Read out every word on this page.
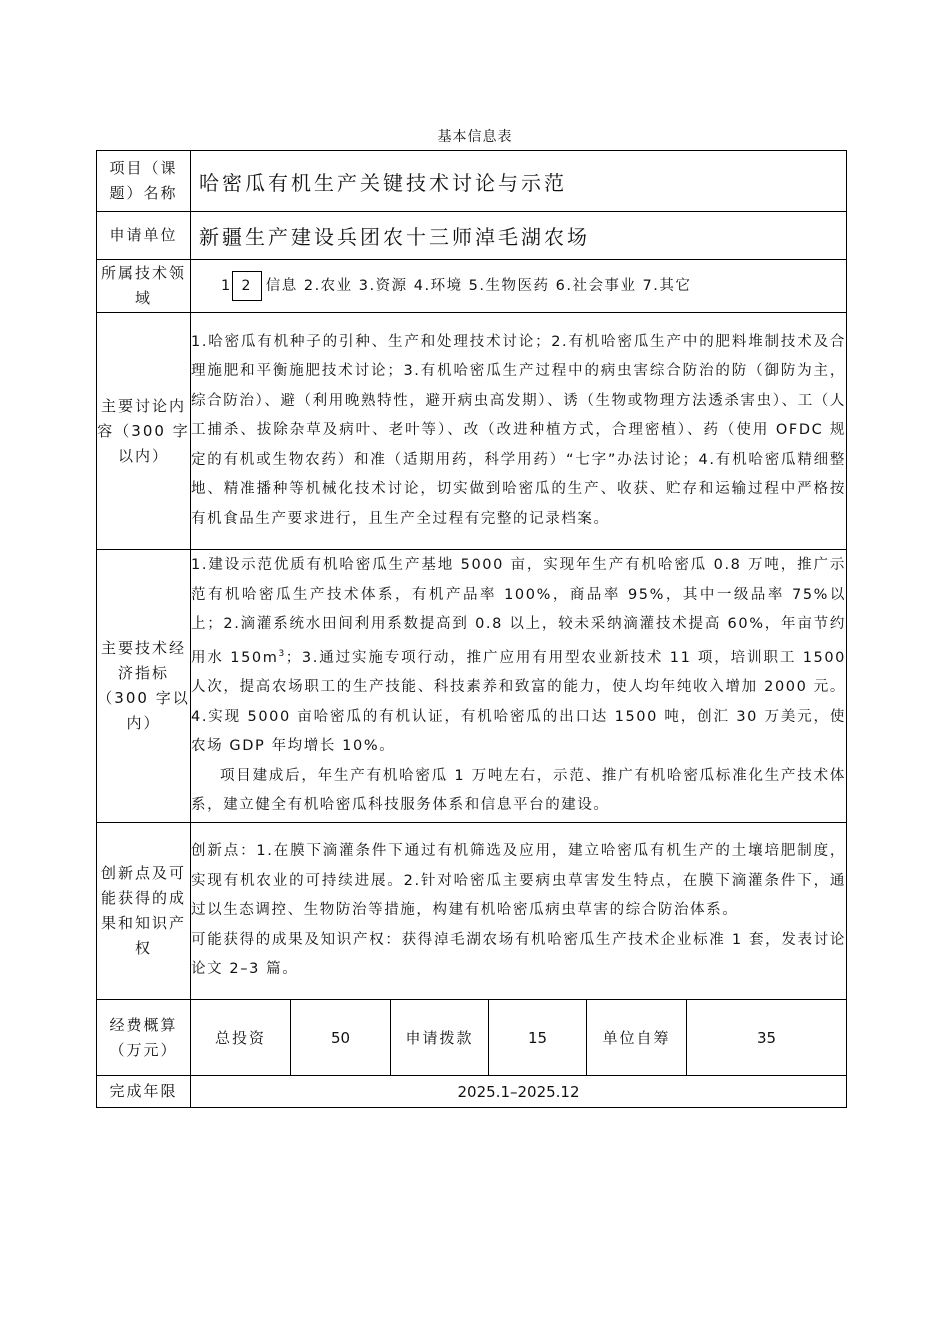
基本信息表
项目（课题）名称	哈密瓜有机生产关键技术讨论与示范					
申请单位	新疆生产建设兵团农十三师淖毛湖农场					
所属技术领域	1 2 信息 2.农业 3.资源 4.环境 5.生物医药 6.社会事业 7.其它					

主要讨论内容（300 字以内）	1.哈密瓜有机种子的引种、生产和处理技术讨论；2.有机哈密瓜生产中的肥料堆制技术及合理施肥和平衡施肥技术讨论；3.有机哈密瓜生产过程中的病虫害综合防治的防（御防为主，综合防治）、避（利用晚熟特性，避开病虫高发期）、诱（生物或物理方法透杀害虫）、工（人工捕杀、拔除杂草及病叶、老叶等）、改（改进种植方式，合理密植）、药（使用 OFDC 规定的有机或生物农药）和准（适期用药，科学用药）“七字”办法讨论；4.有机哈密瓜精细整地、精准播种等机械化技术讨论，切实做到哈密瓜的生产、收获、贮存和运输过程中严格按有机食品生产要求进行，且生产全过程有完整的记录档案。					

主要技术经济指标（300 字以内）	1.建设示范优质有机哈密瓜生产基地 5000 亩，实现年生产有机哈密瓜 0.8 万吨，推广示范有机哈密瓜生产技术体系，有机产品率 100%，商品率 95%，其中一级品率 75%以上；2.滴灌系统水田间利用系数提高到 0.8 以上，较未采纳滴灌技术提高 60%，年亩节约用水 $150m^3$；3.通过实施专项行动，推广应用有用型农业新技术 11 项，培训职工 1500 人次，提高农场职工的生产技能、科技素养和致富的能力，使人均年纯收入增加 2000 元。4.实现 5000 亩哈密瓜的有机认证，有机哈密瓜的出口达 1500 吨，创汇 30 万美元，使农场 GDP 年均增长 10%。

项目建成后，年生产有机哈密瓜 1 万吨左右，示范、推广有机哈密瓜标准化生产技术体系，建立健全有机哈密瓜科技服务体系和信息平台的建设。					

创新点及可能获得的成果和知识产权	创新点：1.在膜下滴灌条件下通过有机筛选及应用，建立哈密瓜有机生产的土壤培肥制度，实现有机农业的可持续进展。2.针对哈密瓜主要病虫草害发生特点，在膜下滴灌条件下，通过以生态调控、生物防治等措施，构建有机哈密瓜病虫草害的综合防治体系。

可能获得的成果及知识产权：获得淖毛湖农场有机哈密瓜生产技术企业标准 1 套，发表讨论论文 2–3 篇。					

经费概算（万元）	总投资	50	申请拨款	15	单位自筹	35
完成年限	2025.1–2025.12					
